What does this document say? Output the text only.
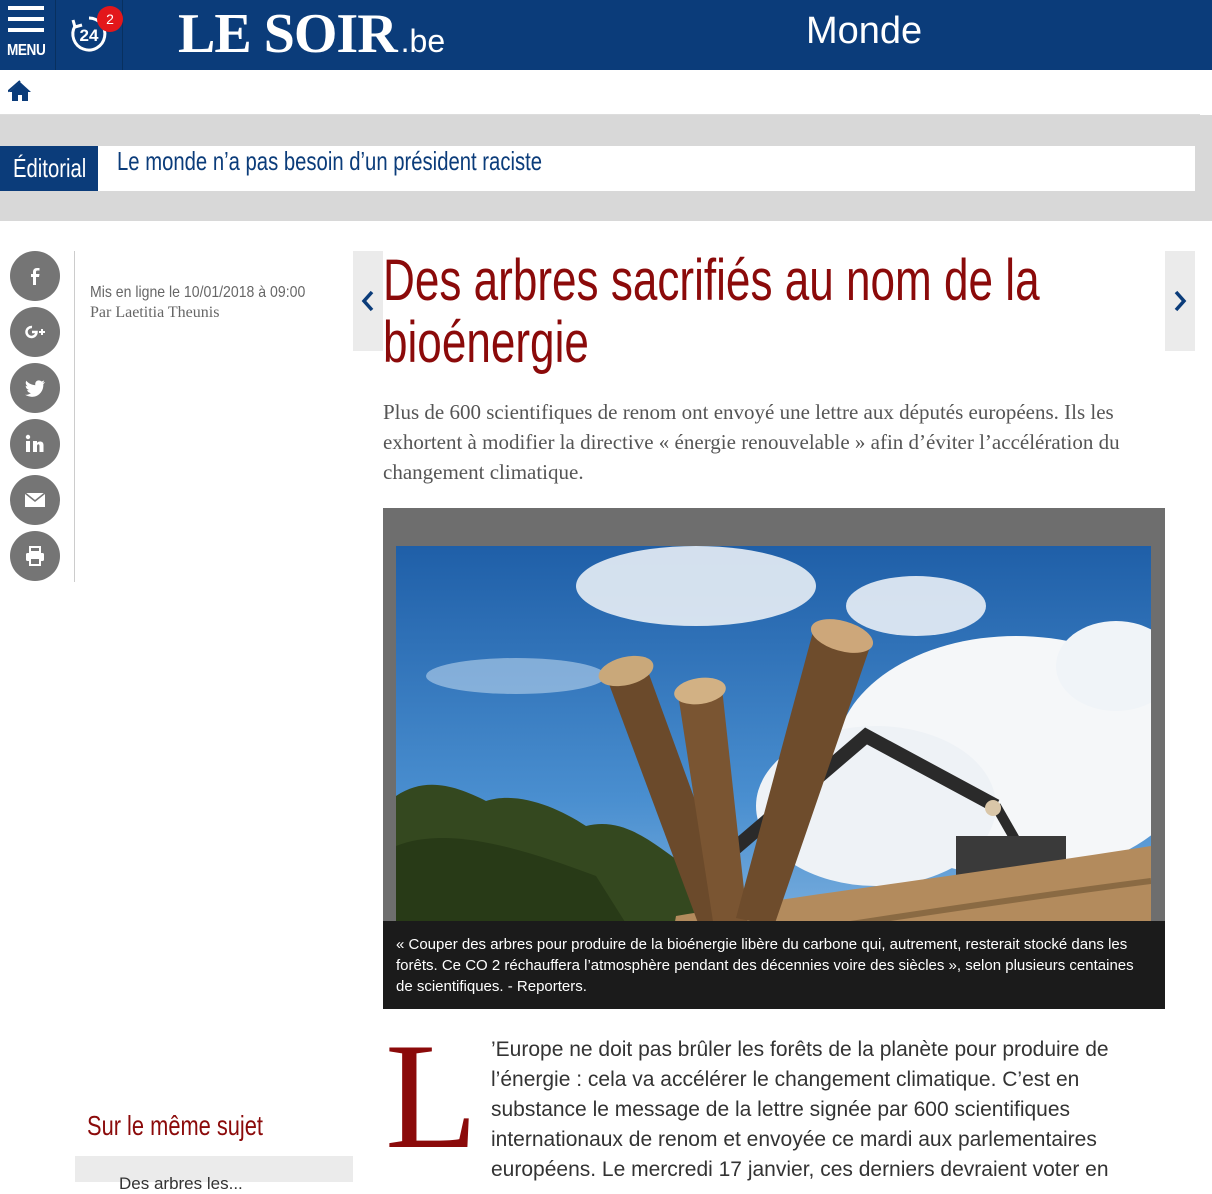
MENU
24
2 LE SOIR .be	Monde
Éditorial	Le monde n’a pas besoin d’un président raciste
Mis en ligne le 10/01/2018 à 09:00
Par Laetitia Theunis	Des arbres sacrifiés au nom de la
bioénergie

Plus de 600 scientifiques de renom ont envoyé une lettre aux députés européens. Ils les exhortent à modifier la directive « énergie renouvelable » afin d’éviter l’accélération du changement climatique.

« Couper des arbres pour produire de la bioénergie libère du carbone qui, autrement, resterait stocké dans les forêts. Ce CO 2 réchauffera l’atmosphère pendant des décennies voire des siècles », selon plusieurs centaines de scientifiques. - Reporters.
L ’Europe ne doit pas brûler les forêts de la planète pour produire de l’énergie : cela va accélérer le changement climatique. C’est en substance le message de la lettre signée par 600 scientifiques internationaux de renom et envoyée ce mardi aux parlementaires européens. Le mercredi 17 janvier, ces derniers devraient voter en

Sur le même sujet
Des arbres les...
